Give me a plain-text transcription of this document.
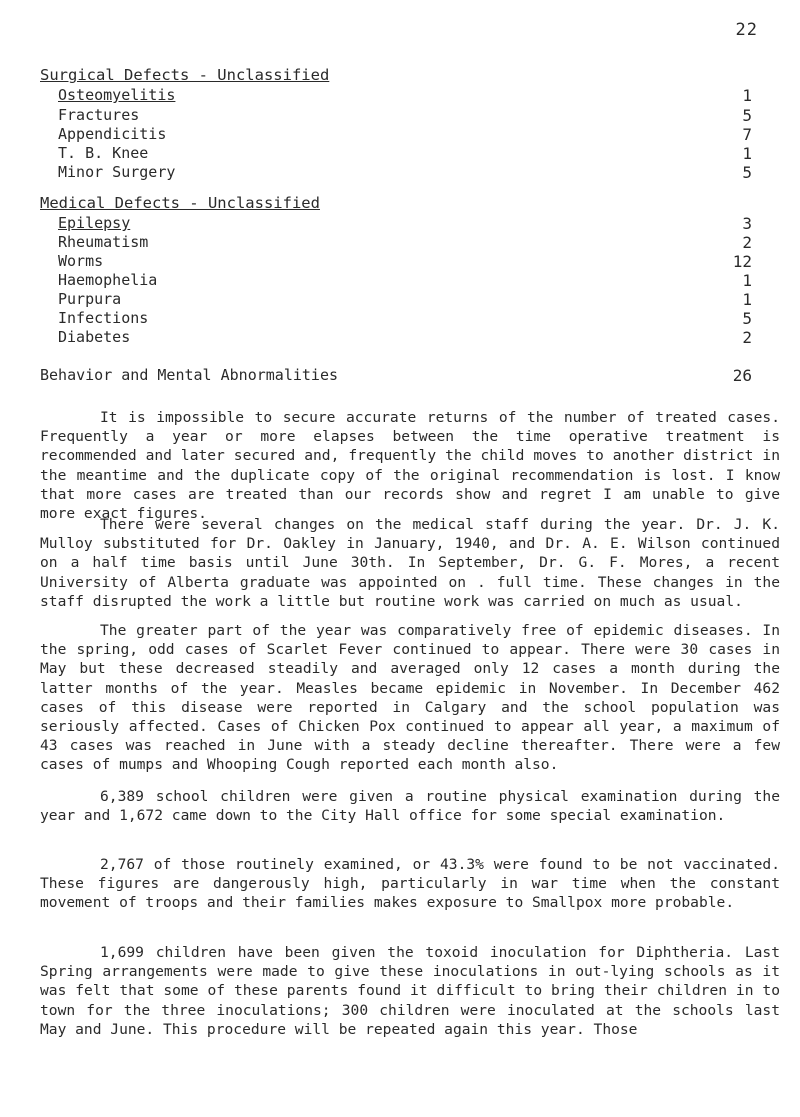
22
Surgical Defects - Unclassified
Osteomyelitis	1
Fractures	5
Appendicitis	7
T. B. Knee	1
Minor Surgery	5
Medical Defects - Unclassified
Epilepsy	3
Rheumatism	2
Worms	12
Haemophelia	1
Purpura	1
Infections	5
Diabetes	2
Behavior and Mental Abnormalities	26
It is impossible to secure accurate returns of the number of treated cases. Frequently a year or more elapses between the time operative treatment is recommended and later secured and, frequently the child moves to another district in the meantime and the duplicate copy of the original recommendation is lost. I know that more cases are treated than our records show and regret I am unable to give more exact figures.
There were several changes on the medical staff during the year. Dr. J. K. Mulloy substituted for Dr. Oakley in January, 1940, and Dr. A. E. Wilson continued on a half time basis until June 30th. In September, Dr. G. F. Mores, a recent University of Alberta graduate was appointed on . full time. These changes in the staff disrupted the work a little but routine work was carried on much as usual.
The greater part of the year was comparatively free of epidemic diseases. In the spring, odd cases of Scarlet Fever continued to appear. There were 30 cases in May but these decreased steadily and averaged only 12 cases a month during the latter months of the year. Measles became epidemic in November. In December 462 cases of this disease were reported in Calgary and the school population was seriously affected. Cases of Chicken Pox continued to appear all year, a maximum of 43 cases was reached in June with a steady decline thereafter. There were a few cases of mumps and Whooping Cough reported each month also.
6,389 school children were given a routine physical examination during the year and 1,672 came down to the City Hall office for some special examination.
2,767 of those routinely examined, or 43.3% were found to be not vaccinated. These figures are dangerously high, particularly in war time when the constant movement of troops and their families makes exposure to Smallpox more probable.
1,699 children have been given the toxoid inoculation for Diphtheria. Last Spring arrangements were made to give these inoculations in out-lying schools as it was felt that some of these parents found it difficult to bring their children in to town for the three inoculations; 300 children were inoculated at the schools last May and June. This procedure will be repeated again this year. Those
